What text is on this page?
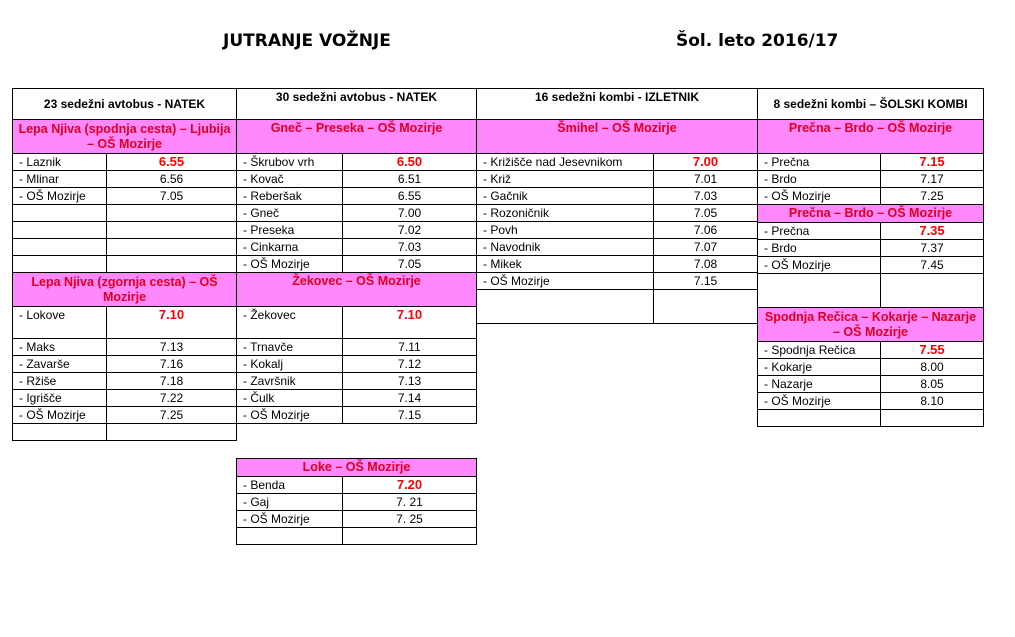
JUTRANJE VOŽNJE	Šol. leto 2016/17
23 sedežni avtobus - NATEK	
Lepa Njiva (spodnja cesta) – Ljubija – OŠ Mozirje	
- Laznik	6.55
- Mlinar	6.56
- OŠ Mozirje	7.05

Lepa Njiva (zgornja cesta) – OŠ Mozirje	
- Lokove	7.10
- Maks	7.13
- Zavarše	7.16
- Ržiše	7.18
- Igrišče	7.22
- OŠ Mozirje	7.25

30 sedežni avtobus - NATEK	
Gneč – Preseka – OŠ Mozirje	
- Škrubov vrh	6.50
- Kovač	6.51
- Reberšak	6.55
- Gneč	7.00
- Preseka	7.02
- Cinkarna	7.03
- OŠ Mozirje	7.05
Žekovec – OŠ Mozirje	
- Žekovec	7.10
- Trnavče	7.11
- Kokalj	7.12
- Završnik	7.13
- Čulk	7.14
- OŠ Mozirje	7.15
Loke – OŠ Mozirje	
- Benda	7.20
- Gaj	7. 21
- OŠ Mozirje	7. 25

16 sedežni kombi - IZLETNIK	
Šmihel – OŠ Mozirje	
- Križišče nad Jesevnikom	7.00
- Križ	7.01
- Gačnik	7.03
- Rozoničnik	7.05
- Povh	7.06
- Navodnik	7.07
- Mikek	7.08
- OŠ Mozirje	7.15

8 sedežni kombi – ŠOLSKI KOMBI	
Prečna – Brdo – OŠ Mozirje	
- Prečna	7.15
- Brdo	7.17
- OŠ Mozirje	7.25
Prečna – Brdo – OŠ Mozirje	
- Prečna	7.35
- Brdo	7.37
- OŠ Mozirje	7.45

Spodnja Rečica – Kokarje – Nazarje – OŠ Mozirje	
- Spodnja Rečica	7.55
- Kokarje	8.00
- Nazarje	8.05
- OŠ Mozirje	8.10
